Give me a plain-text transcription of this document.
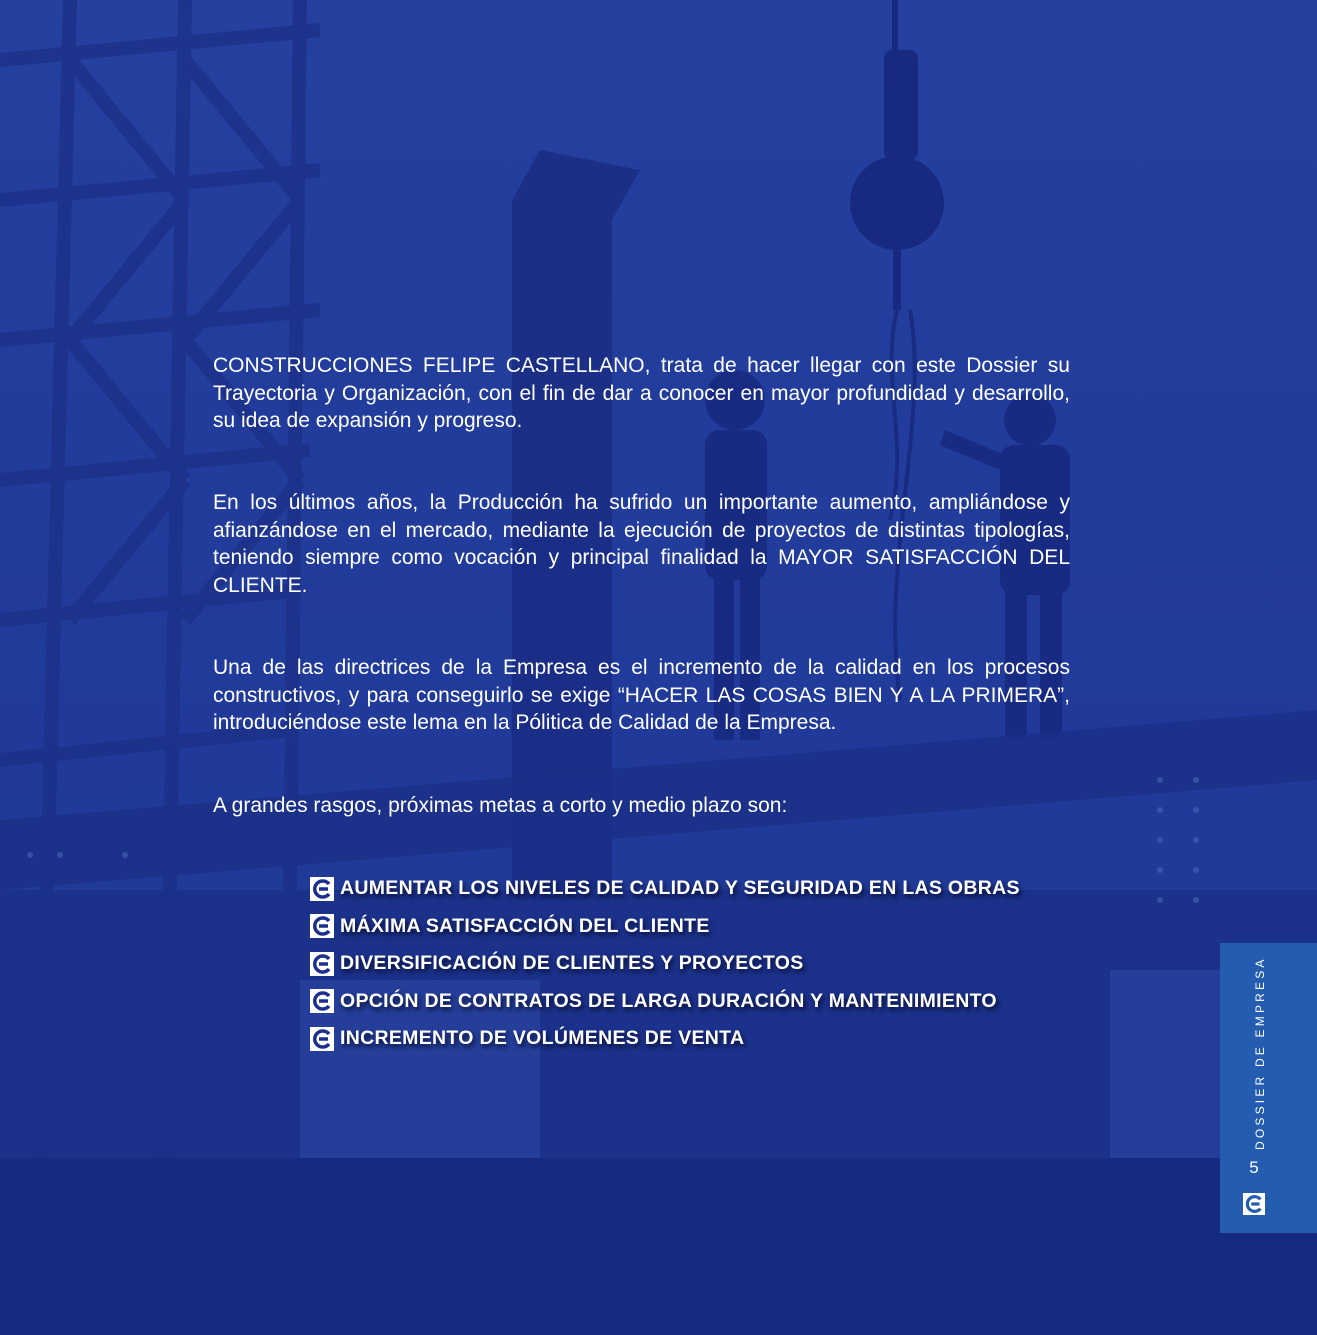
CONSTRUCCIONES FELIPE CASTELLANO, trata de hacer llegar con este Dossier su Trayectoria y Organización, con el fin de dar a conocer en mayor profundidad y desarrollo, su idea de expansión y progreso.

En los últimos años, la Producción ha sufrido un importante aumento, ampliándose y afianzándose en el mercado, mediante la ejecución de proyectos de distintas tipologías, teniendo siempre como vocación y principal finalidad la MAYOR SATISFACCIÓN DEL CLIENTE.

Una de las directrices de la Empresa es el incremento de la calidad en los procesos constructivos, y para conseguirlo se exige “HACER LAS COSAS BIEN Y A LA PRIMERA”, introduciéndose este lema en la Pólitica de Calidad de la Empresa.

A grandes rasgos, próximas metas a corto y medio plazo son:

AUMENTAR LOS NIVELES DE CALIDAD Y SEGURIDAD EN LAS OBRAS
MÁXIMA SATISFACCIÓN DEL CLIENTE
DIVERSIFICACIÓN DE CLIENTES Y PROYECTOS
OPCIÓN DE CONTRATOS DE LARGA DURACIÓN Y MANTENIMIENTO
INCREMENTO DE VOLÚMENES DE VENTA	DOSSIER DE EMPRESA
5
